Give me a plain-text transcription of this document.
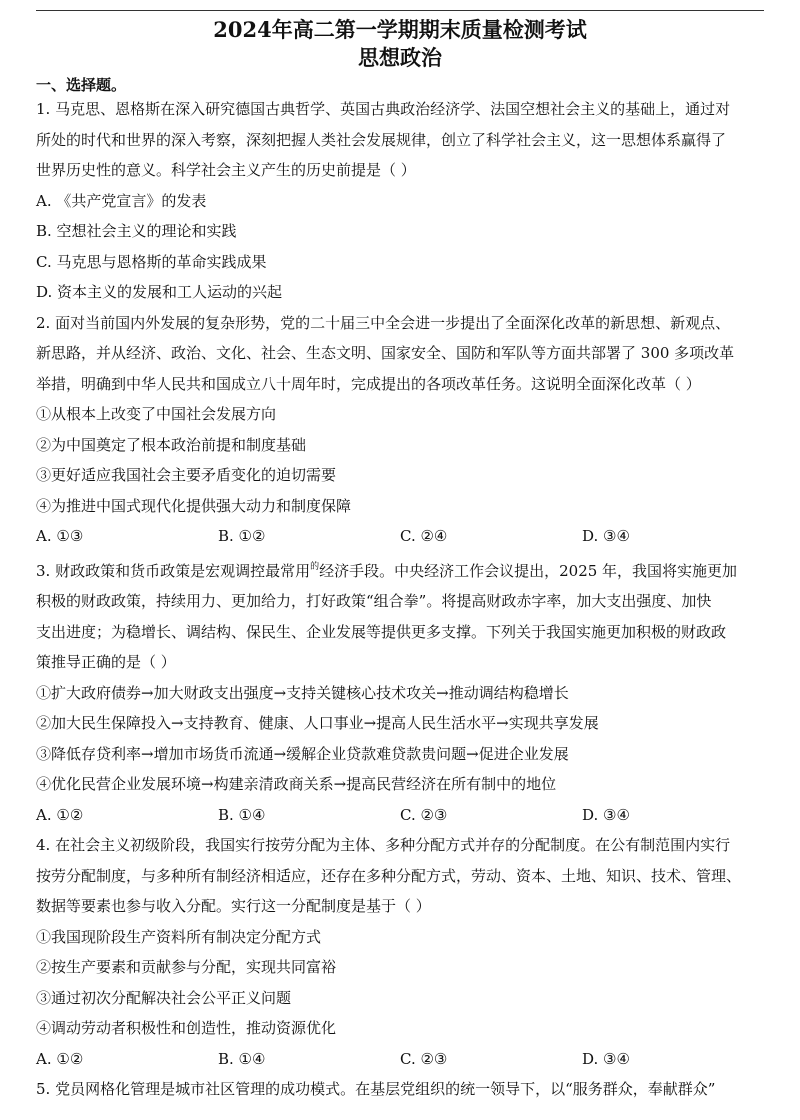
2024年高二第一学期期末质量检测考试

思想政治

一、选择题。

1. 马克思、恩格斯在深入研究德国古典哲学、英国古典政治经济学、法国空想社会主义的基础上，通过对

所处的时代和世界的深入考察，深刻把握人类社会发展规律，创立了科学社会主义，这一思想体系赢得了

世界历史性的意义。科学社会主义产生的历史前提是（ ）

A. 《共产党宣言》的发表

B. 空想社会主义的理论和实践

C. 马克思与恩格斯的革命实践成果

D. 资本主义的发展和工人运动的兴起

2. 面对当前国内外发展的复杂形势，党的二十届三中全会进一步提出了全面深化改革的新思想、新观点、

新思路，并从经济、政治、文化、社会、生态文明、国家安全、国防和军队等方面共部署了 300 多项改革

举措，明确到中华人民共和国成立八十周年时，完成提出的各项改革任务。这说明全面深化改革（ ）

①从根本上改变了中国社会发展方向

②为中国奠定了根本政治前提和制度基础

③更好适应我国社会主要矛盾变化的迫切需要

④为推进中国式现代化提供强大动力和制度保障

A. ①③	B. ①②	C. ②④	D. ③④

3. 财政政策和货币政策是宏观调控最常用$^的$经济手段。中央经济工作会议提出，2025 年，我国将实施更加

积极的财政政策，持续用力、更加给力，打好政策“组合拳”。将提高财政赤字率，加大支出强度、加快

支出进度；为稳增长、调结构、保民生、企业发展等提供更多支撑。下列关于我国实施更加积极的财政政

策推导正确的是（ ）

①扩大政府债券→加大财政支出强度→支持关键核心技术攻关→推动调结构稳增长

②加大民生保障投入→支持教育、健康、人口事业→提高人民生活水平→实现共享发展

③降低存贷利率→增加市场货币流通→缓解企业贷款难贷款贵问题→促进企业发展

④优化民营企业发展环境→构建亲清政商关系→提高民营经济在所有制中的地位

A. ①②	B. ①④	C. ②③	D. ③④

4. 在社会主义初级阶段，我国实行按劳分配为主体、多种分配方式并存的分配制度。在公有制范围内实行

按劳分配制度，与多种所有制经济相适应，还存在多种分配方式，劳动、资本、土地、知识、技术、管理、

数据等要素也参与收入分配。实行这一分配制度是基于（ ）

①我国现阶段生产资料所有制决定分配方式

②按生产要素和贡献参与分配，实现共同富裕

③通过初次分配解决社会公平正义问题

④调动劳动者积极性和创造性，推动资源优化

A. ①②	B. ①④	C. ②③	D. ③④

5. 党员网格化管理是城市社区管理的成功模式。在基层党组织的统一领导下，以“服务群众，奉献群众”
